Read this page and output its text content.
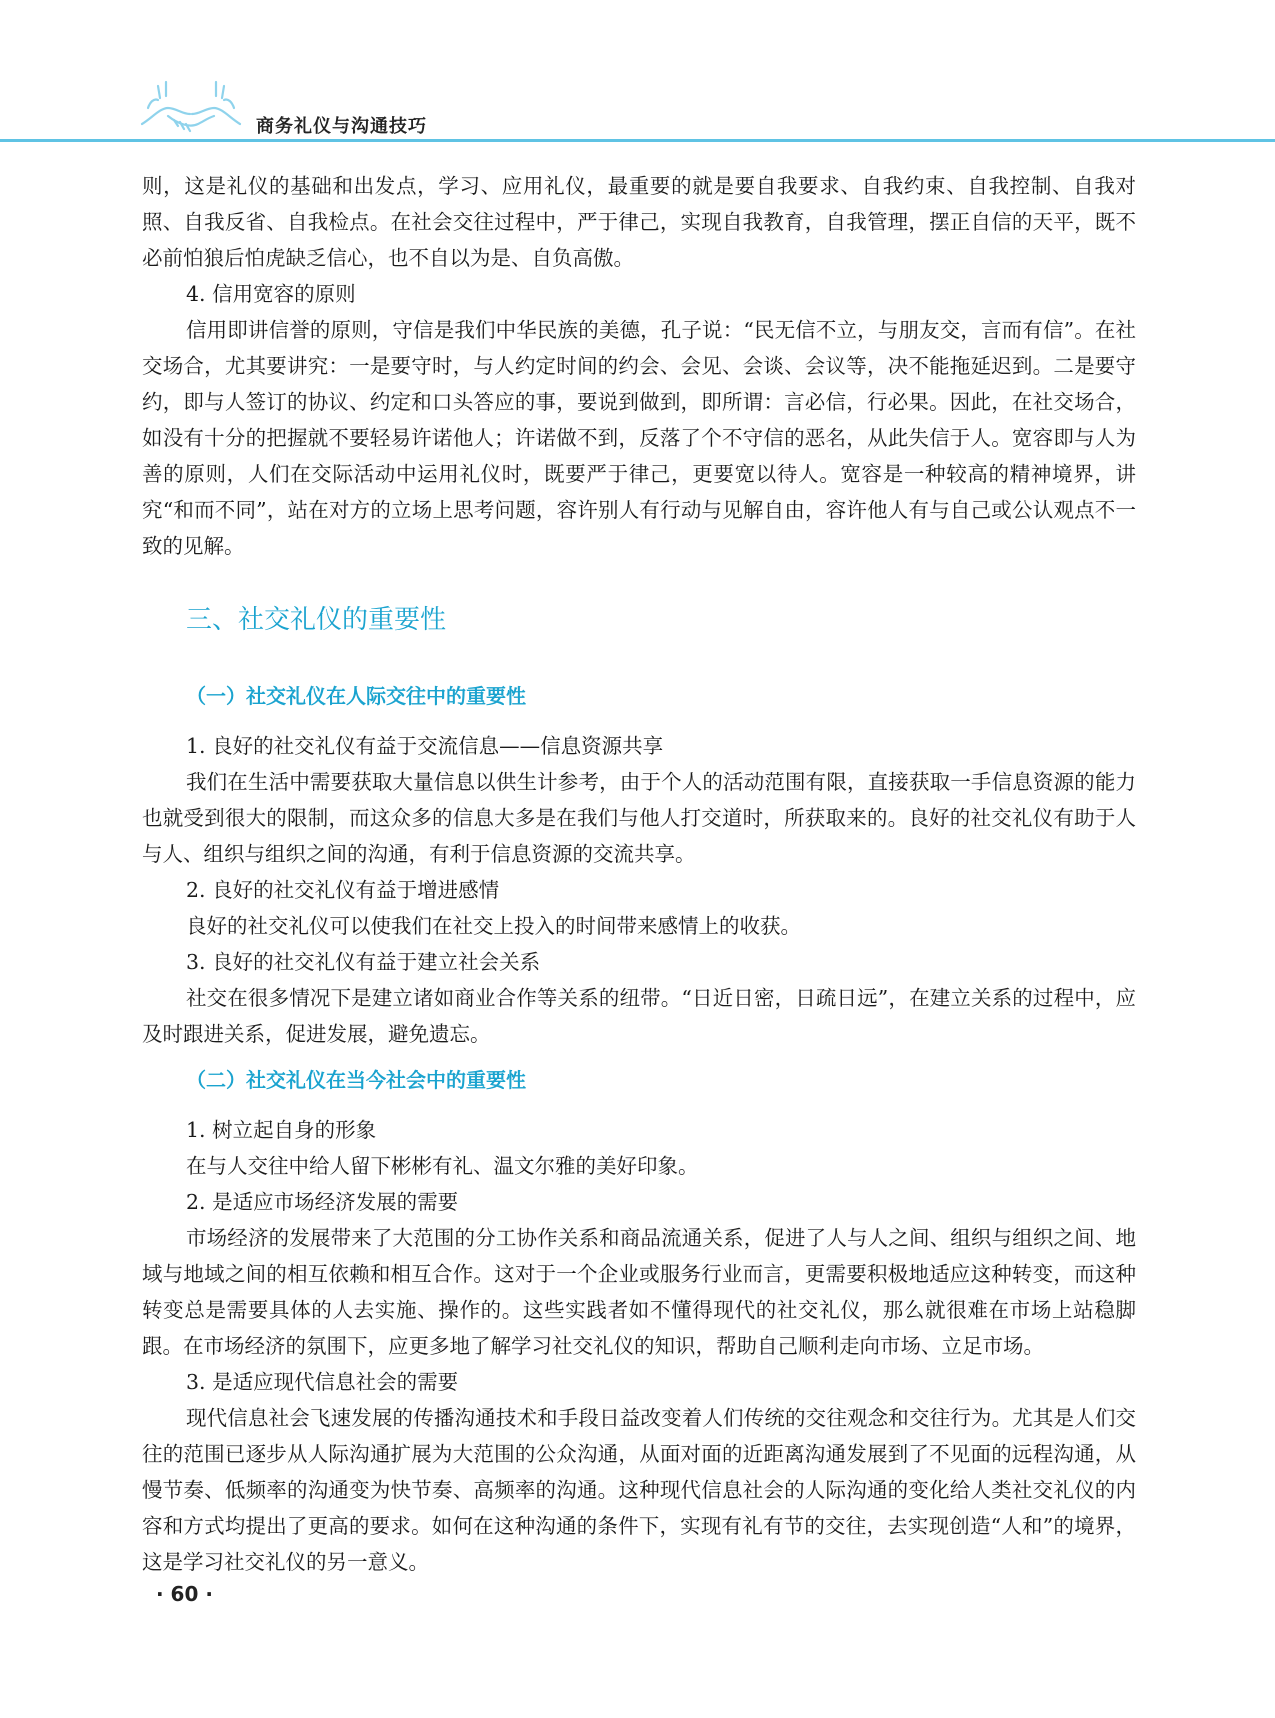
商务礼仪与沟通技巧

则，这是礼仪的基础和出发点，学习、应用礼仪，最重要的就是要自我要求、自我约束、自我控制、自我对照、自我反省、自我检点。在社会交往过程中，严于律己，实现自我教育，自我管理，摆正自信的天平，既不必前怕狼后怕虎缺乏信心，也不自以为是、自负高傲。

4. 信用宽容的原则

信用即讲信誉的原则，守信是我们中华民族的美德，孔子说：“民无信不立，与朋友交，言而有信”。在社交场合，尤其要讲究：一是要守时，与人约定时间的约会、会见、会谈、会议等，决不能拖延迟到。二是要守约，即与人签订的协议、约定和口头答应的事，要说到做到，即所谓：言必信，行必果。因此，在社交场合，如没有十分的把握就不要轻易许诺他人；许诺做不到，反落了个不守信的恶名，从此失信于人。宽容即与人为善的原则，人们在交际活动中运用礼仪时，既要严于律己，更要宽以待人。宽容是一种较高的精神境界，讲究“和而不同”，站在对方的立场上思考问题，容许别人有行动与见解自由，容许他人有与自己或公认观点不一致的见解。

三、社交礼仪的重要性
（一）社交礼仪在人际交往中的重要性

1. 良好的社交礼仪有益于交流信息——信息资源共享

我们在生活中需要获取大量信息以供生计参考，由于个人的活动范围有限，直接获取一手信息资源的能力也就受到很大的限制，而这众多的信息大多是在我们与他人打交道时，所获取来的。良好的社交礼仪有助于人与人、组织与组织之间的沟通，有利于信息资源的交流共享。

2. 良好的社交礼仪有益于增进感情

良好的社交礼仪可以使我们在社交上投入的时间带来感情上的收获。

3. 良好的社交礼仪有益于建立社会关系

社交在很多情况下是建立诸如商业合作等关系的纽带。“日近日密，日疏日远”，在建立关系的过程中，应及时跟进关系，促进发展，避免遗忘。

（二）社交礼仪在当今社会中的重要性

1. 树立起自身的形象

在与人交往中给人留下彬彬有礼、温文尔雅的美好印象。

2. 是适应市场经济发展的需要

市场经济的发展带来了大范围的分工协作关系和商品流通关系，促进了人与人之间、组织与组织之间、地域与地域之间的相互依赖和相互合作。这对于一个企业或服务行业而言，更需要积极地适应这种转变，而这种转变总是需要具体的人去实施、操作的。这些实践者如不懂得现代的社交礼仪，那么就很难在市场上站稳脚跟。在市场经济的氛围下，应更多地了解学习社交礼仪的知识，帮助自己顺利走向市场、立足市场。

3. 是适应现代信息社会的需要

现代信息社会飞速发展的传播沟通技术和手段日益改变着人们传统的交往观念和交往行为。尤其是人们交往的范围已逐步从人际沟通扩展为大范围的公众沟通，从面对面的近距离沟通发展到了不见面的远程沟通，从慢节奏、低频率的沟通变为快节奏、高频率的沟通。这种现代信息社会的人际沟通的变化给人类社交礼仪的内容和方式均提出了更高的要求。如何在这种沟通的条件下，实现有礼有节的交往，去实现创造“人和”的境界，这是学习社交礼仪的另一意义。

· 60 ·
